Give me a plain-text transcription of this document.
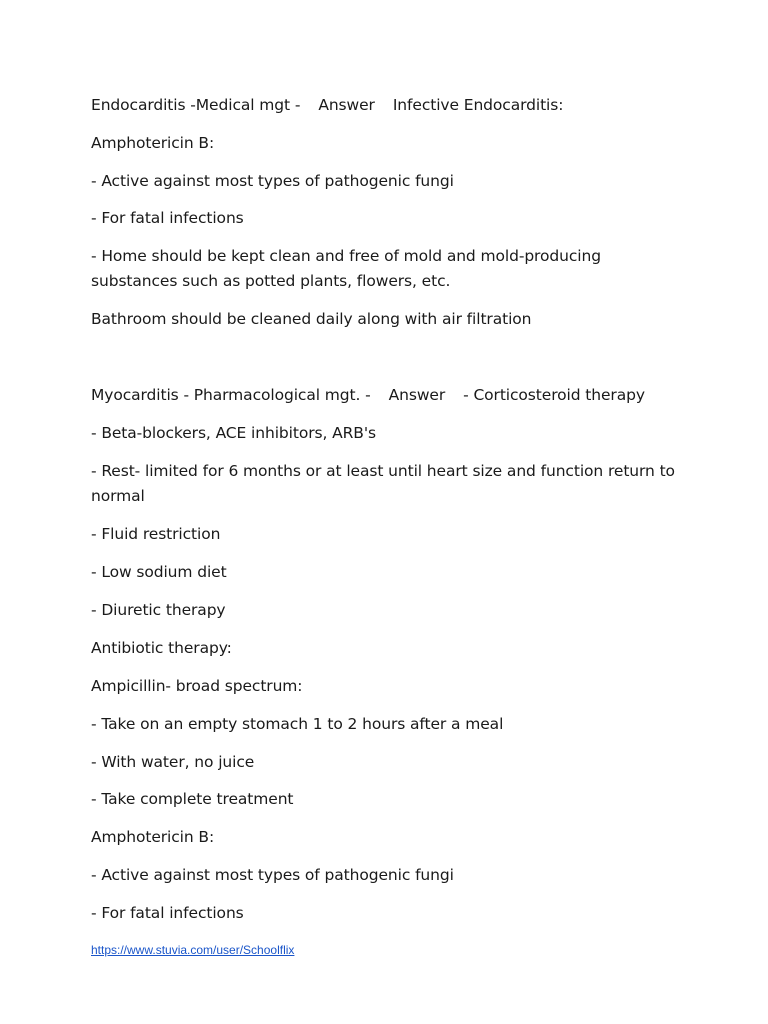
Endocarditis -Medical mgt - Answer Infective Endocarditis:
Amphotericin B:
- Active against most types of pathogenic fungi
- For fatal infections
- Home should be kept clean and free of mold and mold-producing substances such as potted plants, flowers, etc.
Bathroom should be cleaned daily along with air filtration
Myocarditis - Pharmacological mgt. - Answer - Corticosteroid therapy
- Beta-blockers, ACE inhibitors, ARB's
- Rest- limited for 6 months or at least until heart size and function return to normal
- Fluid restriction
- Low sodium diet
- Diuretic therapy
Antibiotic therapy:
Ampicillin- broad spectrum:
- Take on an empty stomach 1 to 2 hours after a meal
- With water, no juice
- Take complete treatment
Amphotericin B:
- Active against most types of pathogenic fungi
- For fatal infections
https://www.stuvia.com/user/Schoolflix
